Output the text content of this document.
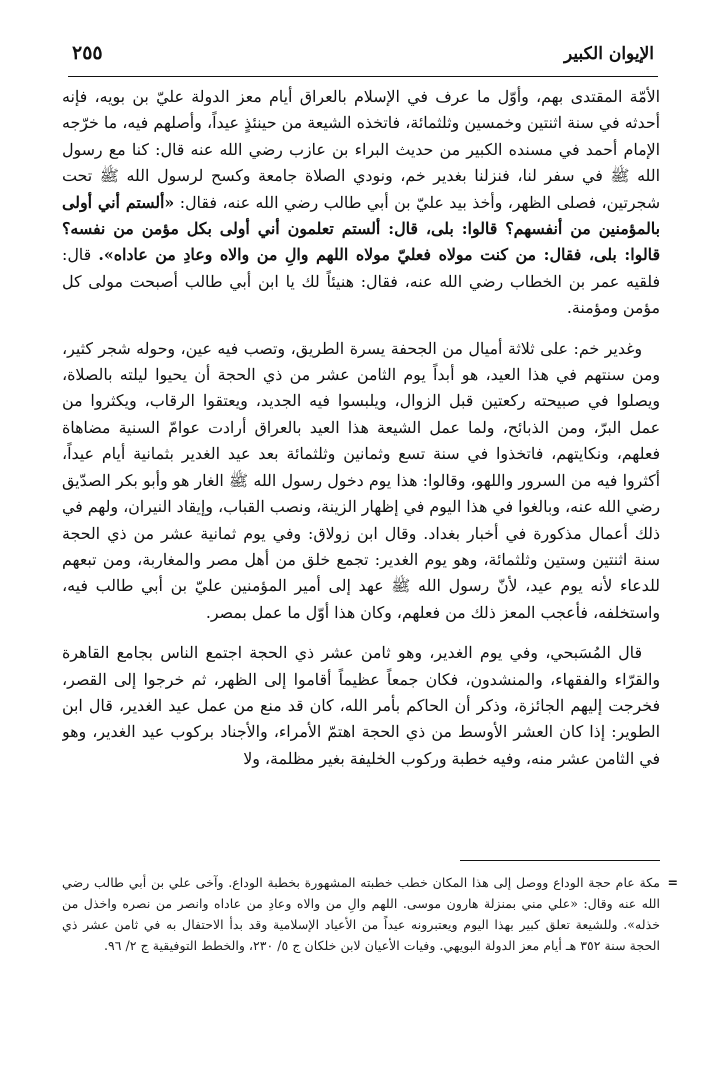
الإيوان الكبير
٢٥٥

الأمّة المقتدى بهم، وأوّل ما عرف في الإسلام بالعراق أيام معز الدولة عليّ بن بويه، فإنه أحدثه في سنة اثنتين وخمسين وثلثمائة، فاتخذه الشيعة من حينئذٍ عيداً، وأصلهم فيه، ما خرّجه الإمام أحمد في مسنده الكبير من حديث البراء بن عازب رضي الله عنه قال: كنا مع رسول الله ﷺ في سفر لنا، فنزلنا بغدير خم، ونودي الصلاة جامعة وكسح لرسول الله ﷺ تحت شجرتين، فصلى الظهر، وأخذ بيد عليّ بن أبي طالب رضي الله عنه، فقال: «ألستم أني أولى بالمؤمنين من أنفسهم؟ قالوا: بلى، قال: ألستم تعلمون أني أولى بكل مؤمن من نفسه؟ قالوا: بلى، فقال: من كنت مولاه فعليّ مولاه اللهم والِ من والاه وعادِ من عاداه». قال: فلقيه عمر بن الخطاب رضي الله عنه، فقال: هنيئاً لك يا ابن أبي طالب أصبحت مولى كل مؤمن ومؤمنة.

وغدير خم: على ثلاثة أميال من الجحفة يسرة الطريق، وتصب فيه عين، وحوله شجر كثير، ومن سنتهم في هذا العيد، هو أبداً يوم الثامن عشر من ذي الحجة أن يحيوا ليلته بالصلاة، ويصلوا في صبيحته ركعتين قبل الزوال، ويلبسوا فيه الجديد، ويعتقوا الرقاب، ويكثروا من عمل البرّ، ومن الذبائح، ولما عمل الشيعة هذا العيد بالعراق أرادت عوامّ السنية مضاهاة فعلهم، ونكايتهم، فاتخذوا في سنة تسع وثمانين وثلثمائة بعد عيد الغدير بثمانية أيام عيداً، أكثروا فيه من السرور واللهو، وقالوا: هذا يوم دخول رسول الله ﷺ الغار هو وأبو بكر الصدّيق رضي الله عنه، وبالغوا في هذا اليوم في إظهار الزينة، ونصب القباب، وإيقاد النيران، ولهم في ذلك أعمال مذكورة في أخبار بغداد. وقال ابن زولاق: وفي يوم ثمانية عشر من ذي الحجة سنة اثنتين وستين وثلثمائة، وهو يوم الغدير: تجمع خلق من أهل مصر والمغاربة، ومن تبعهم للدعاء لأنه يوم عيد، لأنّ رسول الله ﷺ عهد إلى أمير المؤمنين عليّ بن أبي طالب فيه، واستخلفه، فأعجب المعز ذلك من فعلهم، وكان هذا أوّل ما عمل بمصر.

قال المُسَبحي، وفي يوم الغدير، وهو ثامن عشر ذي الحجة اجتمع الناس بجامع القاهرة والقرّاء والفقهاء، والمنشدون، فكان جمعاً عظيماً أقاموا إلى الظهر، ثم خرجوا إلى القصر، فخرجت إليهم الجائزة، وذكر أن الحاكم بأمر الله، كان قد منع من عمل عيد الغدير، قال ابن الطوير: إذا كان العشر الأوسط من ذي الحجة اهتمّ الأمراء، والأجناد بركوب عيد الغدير، وهو في الثامن عشر منه، وفيه خطبة وركوب الخليفة بغير مظلمة، ولا

=
مكة عام حجة الوداع ووصل إلى هذا المكان خطب خطبته المشهورة بخطبة الوداع. وآخى علي بن أبي طالب رضي الله عنه وقال: «علي مني بمنزلة هارون موسى. اللهم والِ من والاه وعادِ من عاداه وانصر من نصره واخذل من خذله». وللشيعة تعلق كبير بهذا اليوم ويعتبرونه عيداً من الأعياد الإسلامية وقد بدأ الاحتفال به في ثامن عشر ذي الحجة سنة ٣٥٢ هـ أيام معز الدولة البويهي. وفيات الأعيان لابن خلكان ج ٥/ ٢٣٠، والخطط التوفيقية ج ٢/ ٩٦.
